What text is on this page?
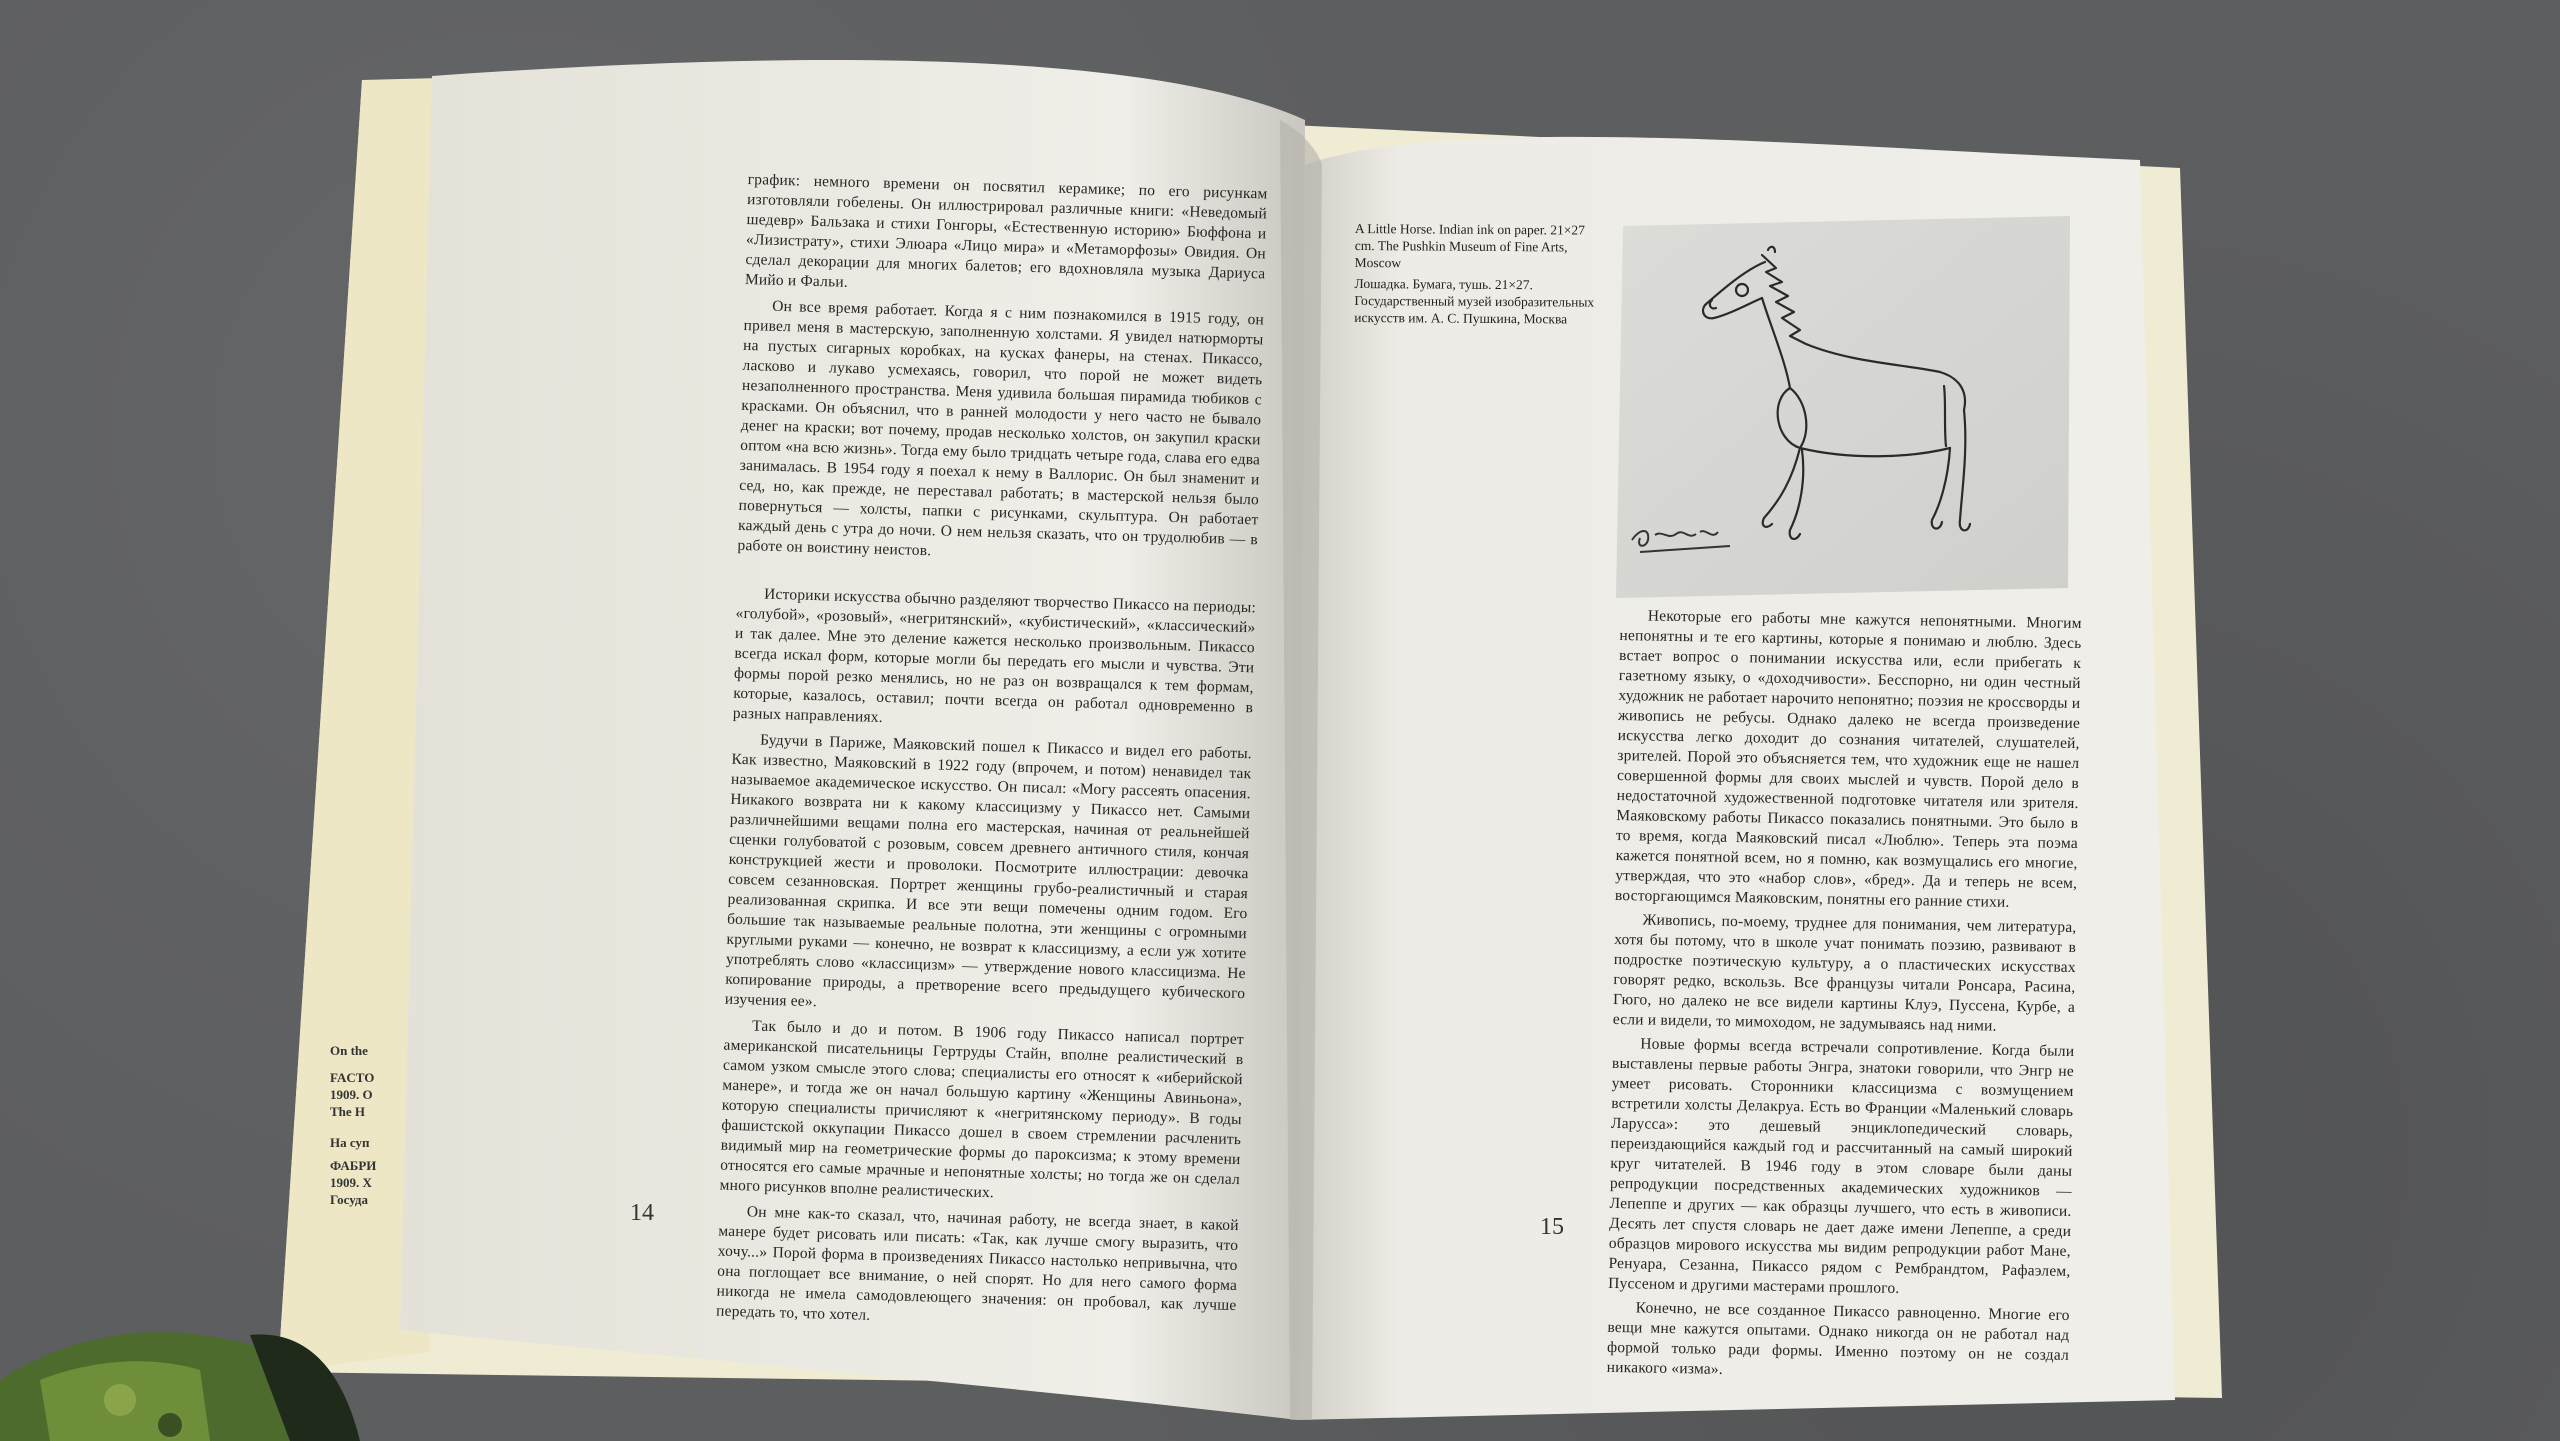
график: немного времени он посвятил керамике; по его рисункам изготовляли гобелены. Он иллюстрировал различные книги: «Неведомый шедевр» Бальзака и стихи Гонгоры, «Естественную историю» Бюффона и «Лизистрату», стихи Элюара «Лицо мира» и «Метаморфозы» Овидия. Он сделал декорации для многих балетов; его вдохновляла музыка Дариуса Мийо и Фальи.

Он все время работает. Когда я с ним познакомился в 1915 году, он привел меня в мастерскую, заполненную холстами. Я увидел натюрморты на пустых сигарных коробках, на кусках фанеры, на стенах. Пикассо, ласково и лукаво усмехаясь, говорил, что порой не может видеть незаполненного пространства. Меня удивила большая пирамида тюбиков с красками. Он объяснил, что в ранней молодости у него часто не бывало денег на краски; вот почему, продав несколько холстов, он закупил краски оптом «на всю жизнь». Тогда ему было тридцать четыре года, слава его едва занималась. В 1954 году я поехал к нему в Валлорис. Он был знаменит и сед, но, как прежде, не переставал работать; в мастерской нельзя было повернуться — холсты, папки с рисунками, скульптура. Он работает каждый день с утра до ночи. О нем нельзя сказать, что он трудолюбив — в работе он воистину неистов.

Историки искусства обычно разделяют творчество Пикассо на периоды: «голубой», «розовый», «негритянский», «кубистический», «классический» и так далее. Мне это деление кажется несколько произвольным. Пикассо всегда искал форм, которые могли бы передать его мысли и чувства. Эти формы порой резко менялись, но не раз он возвращался к тем формам, которые, казалось, оставил; почти всегда он работал одновременно в разных направлениях.

Будучи в Париже, Маяковский пошел к Пикассо и видел его работы. Как известно, Маяковский в 1922 году (впрочем, и потом) ненавидел так называемое академическое искусство. Он писал: «Могу рассеять опасения. Никакого возврата ни к какому классицизму у Пикассо нет. Самыми различнейшими вещами полна его мастерская, начиная от реальнейшей сценки голубоватой с розовым, совсем древнего античного стиля, кончая конструкцией жести и проволоки. Посмотрите иллюстрации: девочка совсем сезанновская. Портрет женщины грубо-реалистичный и старая реализованная скрипка. И все эти вещи помечены одним годом. Его большие так называемые реальные полотна, эти женщины с огромными круглыми руками — конечно, не возврат к классицизму, а если уж хотите употреблять слово «классицизм» — утверждение нового классицизма. Не копирование природы, а претворение всего предыдущего кубического изучения ее».

Так было и до и потом. В 1906 году Пикассо написал портрет американской писательницы Гертруды Стайн, вполне реалистический в самом узком смысле этого слова; специалисты его относят к «иберийской манере», и тогда же он начал большую картину «Женщины Авиньона», которую специалисты причисляют к «негритянскому периоду». В годы фашистской оккупации Пикассо дошел в своем стремлении расчленить видимый мир на геометрические формы до пароксизма; к этому времени относятся его самые мрачные и непонятные холсты; но тогда же он сделал много рисунков вполне реалистических.

Он мне как-то сказал, что, начиная работу, не всегда знает, в какой манере будет рисовать или писать: «Так, как лучше смогу выразить, что хочу...» Порой форма в произведениях Пикассо настолько непривычна, что она поглощает все внимание, о ней спорят. Но для него самого форма никогда не имела самодовлеющего значения: он пробовал, как лучше передать то, что хотел.

14
On the
FACTO
1909. O
The H
На суп
ФАБРИ
1909. Х
Госуда
A Little Horse. Indian ink on paper. 21×27 cm. The Pushkin Museum of Fine Arts, Moscow
Лошадка. Бумага, тушь. 21×27. Государственный музей изобразительных искусств им. А. С. Пушкина, Москва

Некоторые его работы мне кажутся непонятными. Многим непонятны и те его картины, которые я понимаю и люблю. Здесь встает вопрос о понимании искусства или, если прибегать к газетному языку, о «доходчивости». Бесспорно, ни один честный художник не работает нарочито непонятно; поэзия не кроссворды и живопись не ребусы. Однако далеко не всегда произведение искусства легко доходит до сознания читателей, слушателей, зрителей. Порой это объясняется тем, что художник еще не нашел совершенной формы для своих мыслей и чувств. Порой дело в недостаточной художественной подготовке читателя или зрителя. Маяковскому работы Пикассо показались понятными. Это было в то время, когда Маяковский писал «Люблю». Теперь эта поэма кажется понятной всем, но я помню, как возмущались его многие, утверждая, что это «набор слов», «бред». Да и теперь не всем, восторгающимся Маяковским, понятны его ранние стихи.

Живопись, по-моему, труднее для понимания, чем литература, хотя бы потому, что в школе учат понимать поэзию, развивают в подростке поэтическую культуру, а о пластических искусствах говорят редко, вскользь. Все французы читали Ронсара, Расина, Гюго, но далеко не все видели картины Клуэ, Пуссена, Курбе, а если и видели, то мимоходом, не задумываясь над ними.

Новые формы всегда встречали сопротивление. Когда были выставлены первые работы Энгра, знатоки говорили, что Энгр не умеет рисовать. Сторонники классицизма с возмущением встретили холсты Делакруа. Есть во Франции «Маленький словарь Ларусса»: это дешевый энциклопедический словарь, переиздающийся каждый год и рассчитанный на самый широкий круг читателей. В 1946 году в этом словаре были даны репродукции посредственных академических художников — Лепеппе и других — как образцы лучшего, что есть в живописи. Десять лет спустя словарь не дает даже имени Лепеппе, а среди образцов мирового искусства мы видим репродукции работ Мане, Ренуара, Сезанна, Пикассо рядом с Рембрандтом, Рафаэлем, Пуссеном и другими мастерами прошлого.

Конечно, не все созданное Пикассо равноценно. Многие его вещи мне кажутся опытами. Однако никогда он не работал над формой только ради формы. Именно поэтому он не создал никакого «изма».

15
